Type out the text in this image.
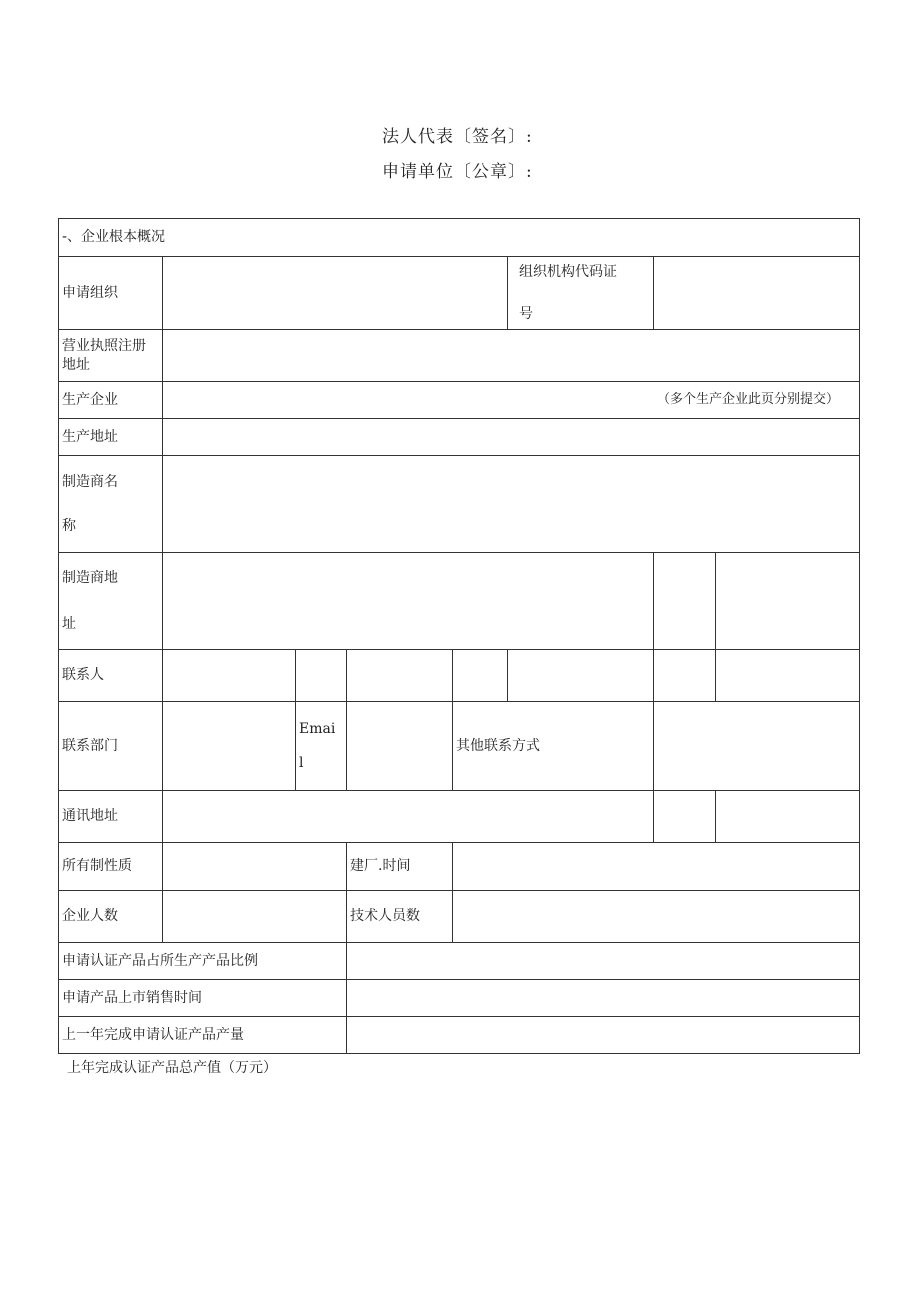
法人代表〔签名〕:
申请单位〔公章〕:
-、企业根本概况							
申请组织					组织机构代码证
号		

营业执照注册
地址							
生产企业	（多个生产企业此页分别提交）						
生产地址							

制造商名
称							

制造商地
址							

联系人							
联系部门		Emai
l		其他联系方式			
通讯地址							
所有制性质			建厂.时间				
企业人数			技术人员数				
申请认证产品占所生产产品比例							
申请产品上市销售时间							
上一年完成申请认证产品产量							
上年完成认证产品总产值（万元）
